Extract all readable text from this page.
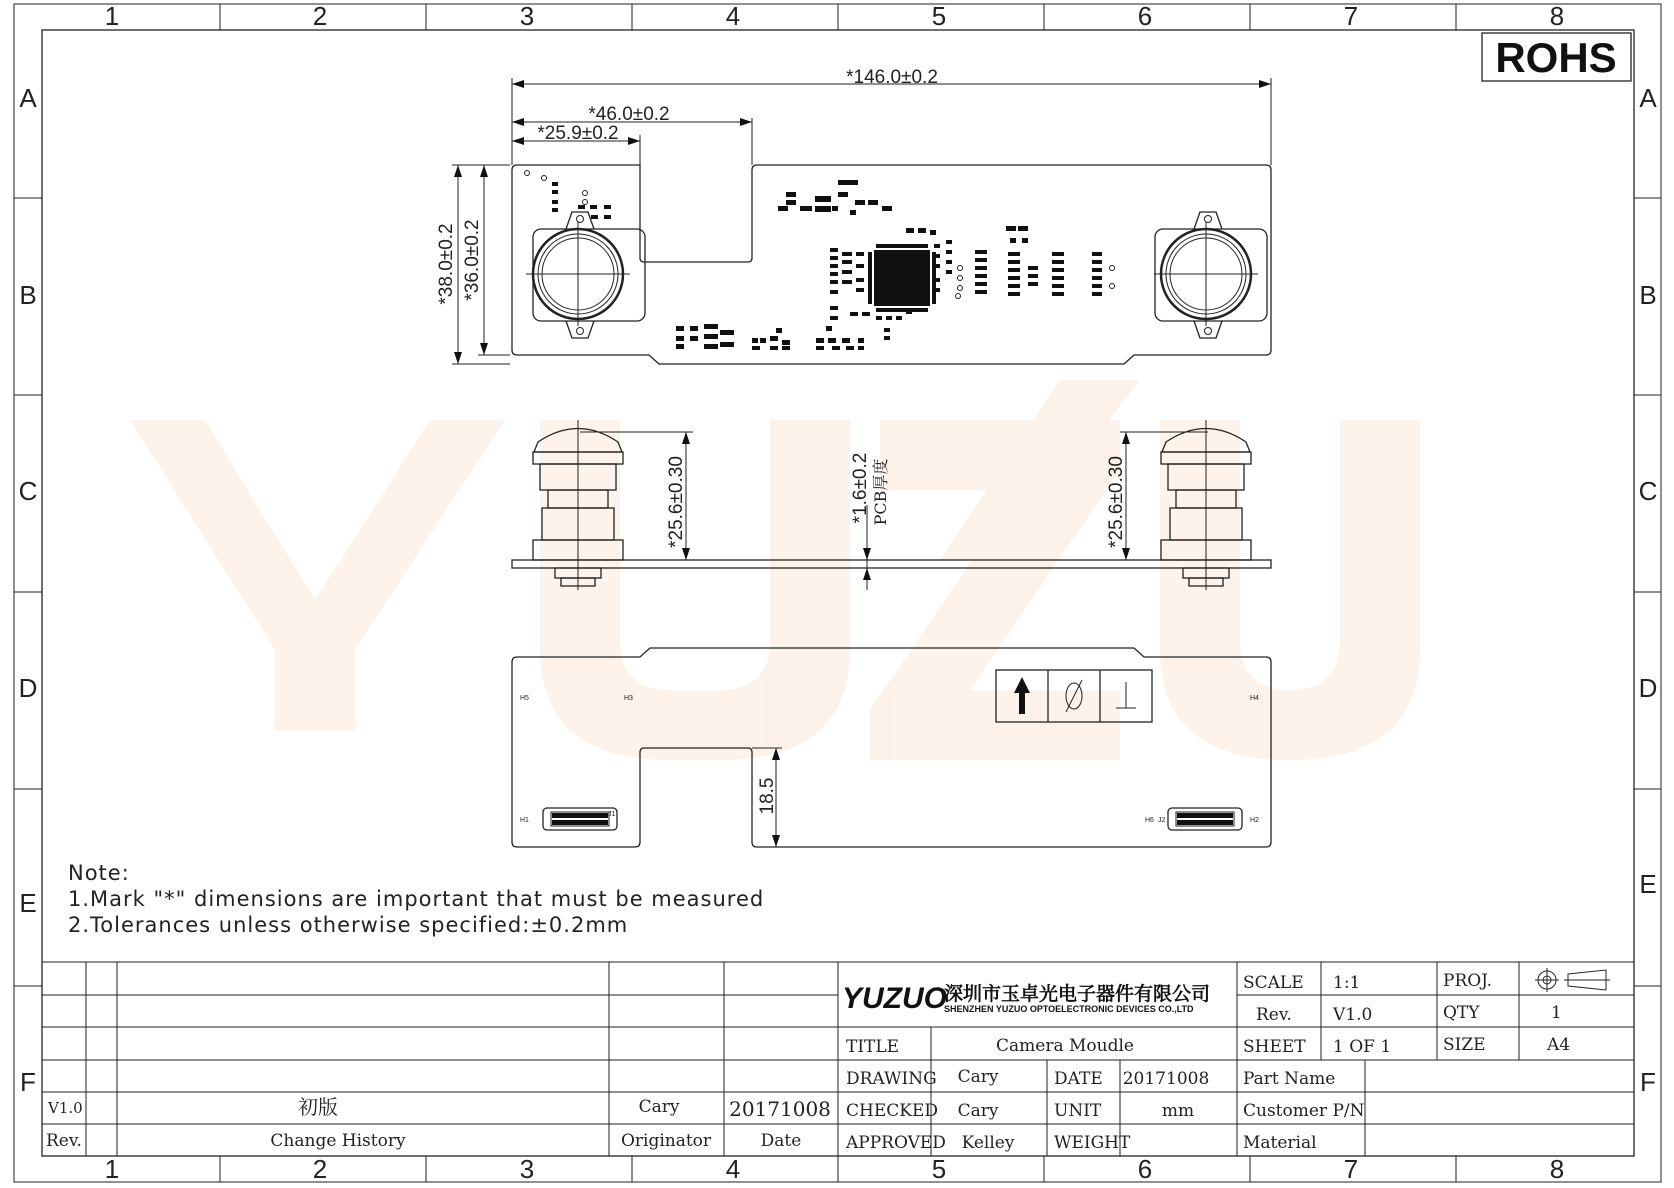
1	2	3	4	5	6	7	8
1	2	3	4	5	6	7	8
A
B
C
D
E
F
A
B
C
D
E
F
ROHS
*146.0±0.2
*46.0±0.2
*25.9±0.2
*38.0±0.2 *36.0±0.2
*25.6±0.30	*25.6±0.30
*1.6±0.2 PCB厚度
18.5
H5	H3	H4
H1	H2
J1
J2
H6
Note:
1.Mark "*" dimensions are important that must be measured
2.Tolerances unless otherwise specified:±0.2mm
V1.0	初版	Cary 20171008
Rev.	Change History	Originator	Date
YUZUO
深圳市玉卓光电子器件有限公司
SHENZHEN YUZUO OPTOELECTRONIC DEVICES CO.,LTD
TITLE	Camera Moudle
DRAWING Cary
CHECKED Cary
APPROVED Kelley
DATE 20171008
UNIT	mm
WEIGHT
SCALE 1:1
Rev. V1.0
SHEET 1 OF 1
PROJ.
QTY	1
SIZE	A4
Part Name
Customer P/N
Material
